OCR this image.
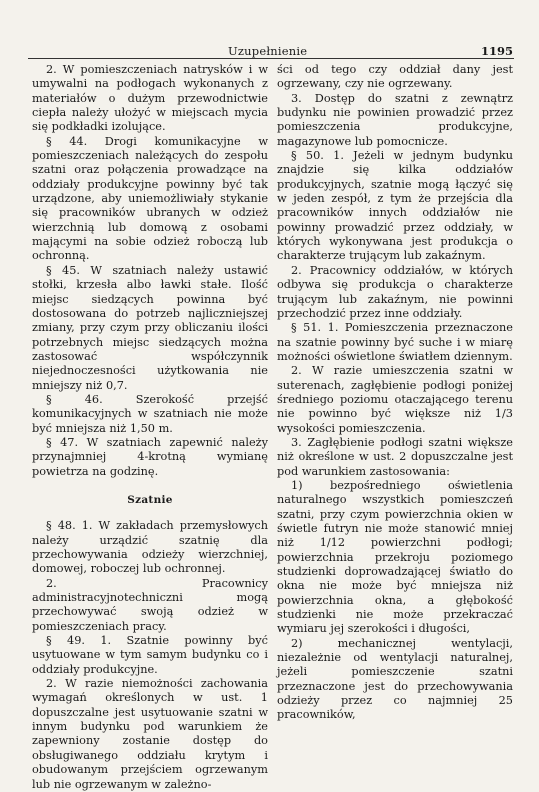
Uzupełnienie	1195

2. W pomieszczeniach natrysków i w umywalni na podłogach wykonanych z materiałów o dużym przewodnictwie ciepła należy ułożyć w miejscach mycia się podkładki izolujące.

§ 44. Drogi komunikacyjne w pomieszczeniach należących do zespołu szatni oraz połączenia prowadzące na oddziały produkcyjne powinny być tak urządzone, aby uniemożliwiały stykanie się pracowników ubranych w odzież wierzchnią lub domową z osobami mającymi na sobie odzież roboczą lub ochronną.

§ 45. W szatniach należy ustawić stołki, krzesła albo ławki stałe. Ilość miejsc siedzących powinna być dostosowana do potrzeb najliczniejszej zmiany, przy czym przy obliczaniu ilości potrzebnych miejsc siedzących można zastosować współczynnik niejednoczesności użytkowania nie mniejszy niż 0,7.

§ 46. Szerokość przejść komunikacyjnych w szatniach nie może być mniejsza niż 1,50 m.

§ 47. W szatniach zapewnić należy przynajmniej 4-krotną wymianę powietrza na godzinę.

Szatnie

§ 48. 1. W zakładach przemysłowych należy urządzić szatnię dla przechowywania odzieży wierzchniej, domowej, roboczej lub ochronnej.

2. Pracownicy administracyjnotechniczni mogą przechowywać swoją odzież w pomieszczeniach pracy.

§ 49. 1. Szatnie powinny być usytuowane w tym samym budynku co i oddziały produkcyjne.

2. W razie niemożności zachowania wymagań określonych w ust. 1 dopuszczalne jest usytuowanie szatni w innym budynku pod warunkiem że zapewniony zostanie dostęp do obsługiwanego oddziału krytym i obudowanym przejściem ogrzewanym lub nie ogrzewanym w zależno-

ści od tego czy oddział dany jest ogrzewany, czy nie ogrzewany.

3. Dostęp do szatni z zewnątrz budynku nie powinien prowadzić przez pomieszczenia produkcyjne, magazynowe lub pomocnicze.

§ 50. 1. Jeżeli w jednym budynku znajdzie się kilka oddziałów produkcyjnych, szatnie mogą łączyć się w jeden zespół, z tym że przejścia dla pracowników innych oddziałów nie powinny prowadzić przez oddziały, w których wykonywana jest produkcja o charakterze trującym lub zakaźnym.

2. Pracownicy oddziałów, w których odbywa się produkcja o charakterze trującym lub zakaźnym, nie powinni przechodzić przez inne oddziały.

§ 51. 1. Pomieszczenia przeznaczone na szatnie powinny być suche i w miarę możności oświetlone światłem dziennym.

2. W razie umieszczenia szatni w suterenach, zagłębienie podłogi poniżej średniego poziomu otaczającego terenu nie powinno być większe niż 1/3 wysokości pomieszczenia.

3. Zagłębienie podłogi szatni większe niż określone w ust. 2 dopuszczalne jest pod warunkiem zastosowania:

1) bezpośredniego oświetlenia naturalnego wszystkich pomieszczeń szatni, przy czym powierzchnia okien w świetle futryn nie może stanowić mniej niż 1/12 powierzchni podłogi; powierzchnia przekroju poziomego studzienki doprowadzającej światło do okna nie może być mniejsza niż powierzchnia okna, a głębokość studzienki nie może przekraczać wymiaru jej szerokości i długości,

2) mechanicznej wentylacji, niezależnie od wentylacji naturalnej, jeżeli pomieszczenie szatni przeznaczone jest do przechowywania odzieży przez co najmniej 25 pracowników,
